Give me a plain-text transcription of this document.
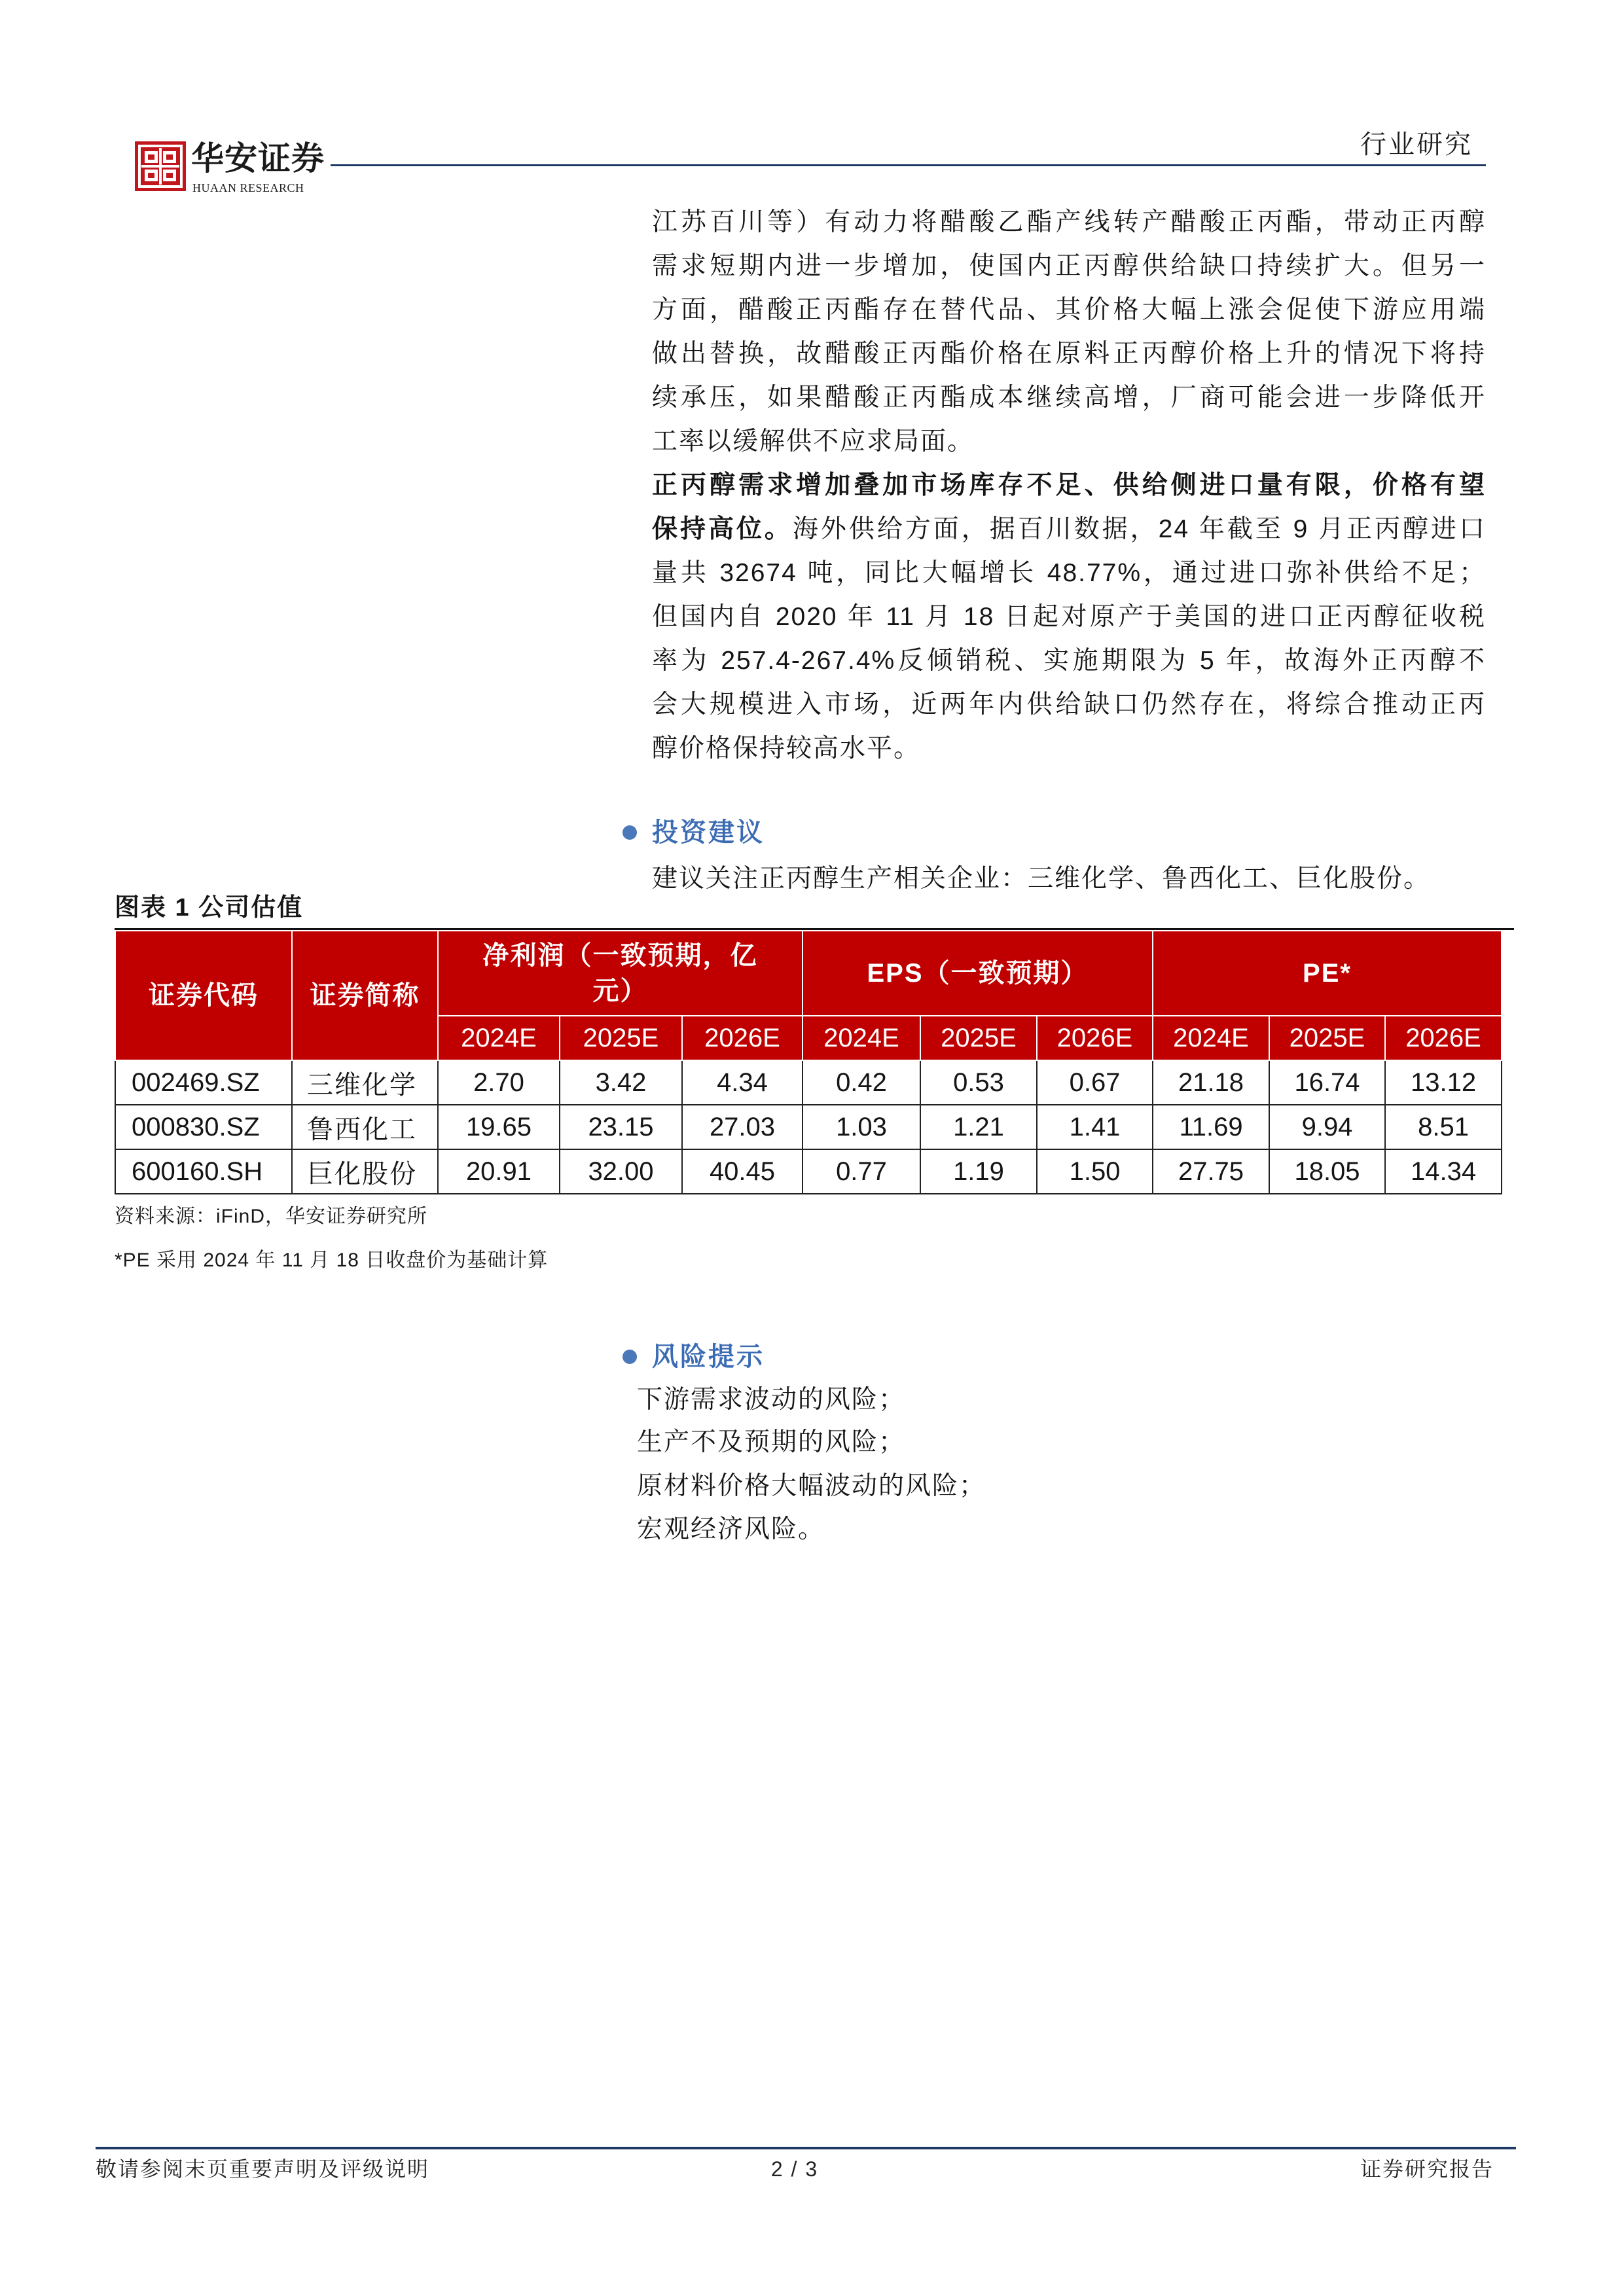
华安证券
HUAAN RESEARCH
行业研究
江苏百川等）有动力将醋酸乙酯产线转产醋酸正丙酯，带动正丙醇
需求短期内进一步增加，使国内正丙醇供给缺口持续扩大。但另一
方面，醋酸正丙酯存在替代品、其价格大幅上涨会促使下游应用端
做出替换，故醋酸正丙酯价格在原料正丙醇价格上升的情况下将持
续承压，如果醋酸正丙酯成本继续高增，厂商可能会进一步降低开
工率以缓解供不应求局面。
正丙醇需求增加叠加市场库存不足、供给侧进口量有限，价格有望
保持高位。海外供给方面，据百川数据，24 年截至 9 月正丙醇进口
量共 32674 吨，同比大幅增长 48.77%，通过进口弥补供给不足；
但国内自 2020 年 11 月 18 日起对原产于美国的进口正丙醇征收税
率为 257.4-267.4%反倾销税、实施期限为 5 年，故海外正丙醇不
会大规模进入市场，近两年内供给缺口仍然存在，将综合推动正丙
醇价格保持较高水平。
投资建议
建议关注正丙醇生产相关企业：三维化学、鲁西化工、巨化股份。
图表 1 公司估值
证券代码	证券简称	净利润（一致预期，亿元）			EPS（一致预期）			PE*		
		2024E	2025E	2026E	2024E	2025E	2026E	2024E	2025E	2026E
002469.SZ	三维化学	2.70	3.42	4.34	0.42	0.53	0.67	21.18	16.74	13.12
000830.SZ	鲁西化工	19.65	23.15	27.03	1.03	1.21	1.41	11.69	9.94	8.51
600160.SH	巨化股份	20.91	32.00	40.45	0.77	1.19	1.50	27.75	18.05	14.34
资料来源：iFinD，华安证券研究所
*PE 采用 2024 年 11 月 18 日收盘价为基础计算
风险提示
下游需求波动的风险；
生产不及预期的风险；
原材料价格大幅波动的风险；
宏观经济风险。
敬请参阅末页重要声明及评级说明	2 / 3	证券研究报告
